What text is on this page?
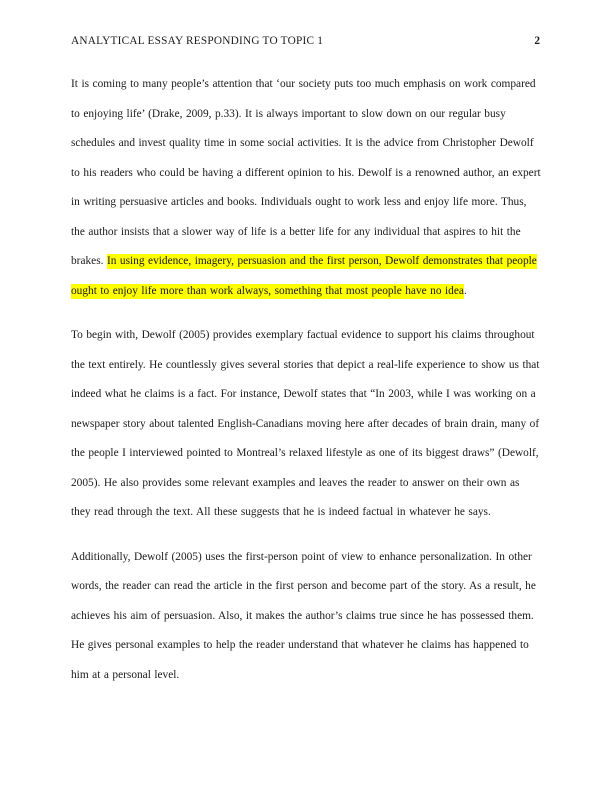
ANALYTICAL ESSAY RESPONDING TO TOPIC 1	2

It is coming to many people’s attention that ‘our society puts too much emphasis on work compared to enjoying life’ (Drake, 2009, p.33). It is always important to slow down on our regular busy schedules and invest quality time in some social activities. It is the advice from Christopher Dewolf to his readers who could be having a different opinion to his. Dewolf is a renowned author, an expert in writing persuasive articles and books. Individuals ought to work less and enjoy life more. Thus, the author insists that a slower way of life is a better life for any individual that aspires to hit the brakes. In using evidence, imagery, persuasion and the first person, Dewolf demonstrates that people ought to enjoy life more than work always, something that most people have no idea.

To begin with, Dewolf (2005) provides exemplary factual evidence to support his claims throughout the text entirely. He countlessly gives several stories that depict a real-life experience to show us that indeed what he claims is a fact. For instance, Dewolf states that “In 2003, while I was working on a newspaper story about talented English-Canadians moving here after decades of brain drain, many of the people I interviewed pointed to Montreal’s relaxed lifestyle as one of its biggest draws” (Dewolf, 2005). He also provides some relevant examples and leaves the reader to answer on their own as they read through the text. All these suggests that he is indeed factual in whatever he says.

Additionally, Dewolf (2005) uses the first-person point of view to enhance personalization. In other words, the reader can read the article in the first person and become part of the story. As a result, he achieves his aim of persuasion. Also, it makes the author’s claims true since he has possessed them. He gives personal examples to help the reader understand that whatever he claims has happened to him at a personal level.
